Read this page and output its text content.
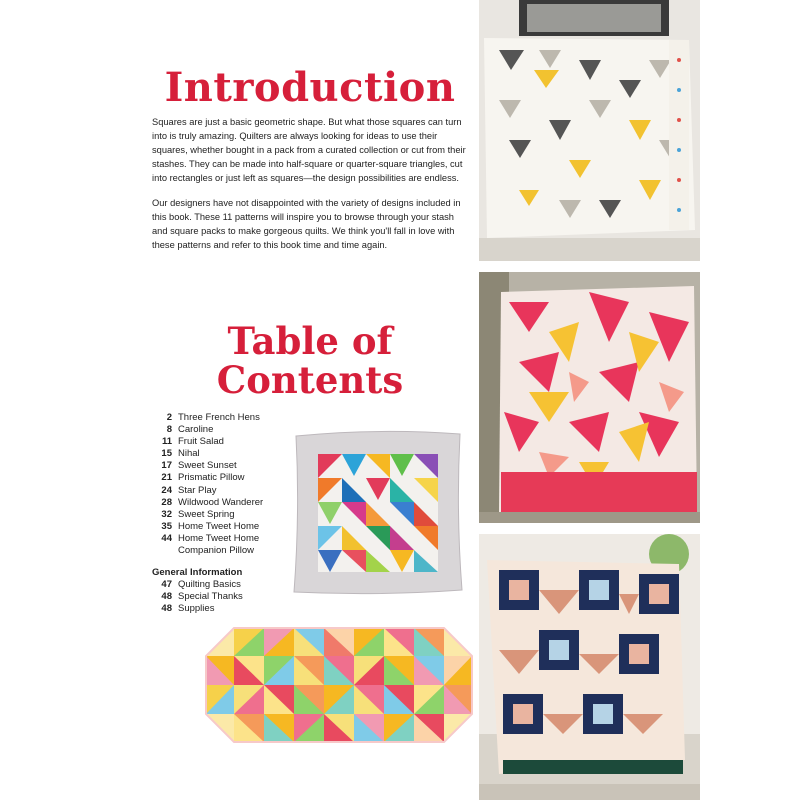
Introduction

Squares are just a basic geometric shape. But what those squares can turn into is truly amazing. Quilters are always looking for ideas to use their squares, whether bought in a pack from a curated collection or cut from their stashes. They can be made into half-square or quarter-square triangles, cut into rectangles or just left as squares—the design possibilities are endless.

Our designers have not disappointed with the variety of designs included in this book. These 11 patterns will inspire you to browse through your stash and square packs to make gorgeous quilts. We think you'll fall in love with these patterns and refer to this book time and time again.

Table of
Contents
2 Three French Hens
8 Caroline
11 Fruit Salad
15 Nihal
17 Sweet Sunset
21 Prismatic Pillow
24 Star Play
28 Wildwood Wanderer
32 Sweet Spring
35 Home Tweet Home
44 Home Tweet Home
Companion Pillow
General Information
47 Quilting Basics
48 Special Thanks
48 Supplies
